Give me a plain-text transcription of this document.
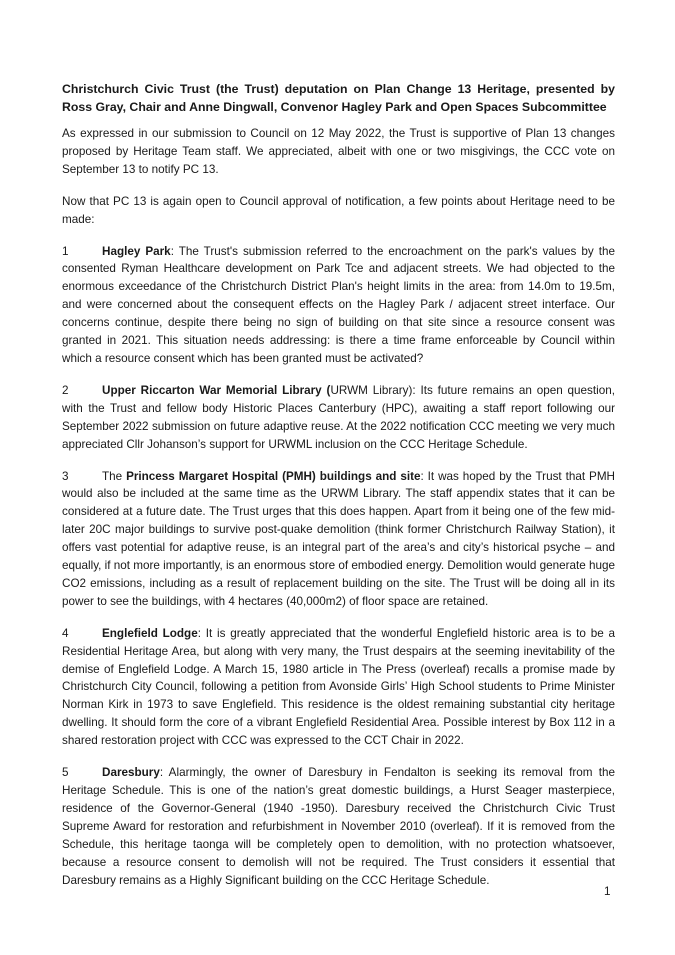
Christchurch Civic Trust (the Trust) deputation on Plan Change 13 Heritage, presented by Ross Gray, Chair and Anne Dingwall, Convenor Hagley Park and Open Spaces Subcommittee

As expressed in our submission to Council on 12 May 2022, the Trust is supportive of Plan 13 changes proposed by Heritage Team staff. We appreciated, albeit with one or two misgivings, the CCC vote on September 13 to notify PC 13.

Now that PC 13 is again open to Council approval of notification, a few points about Heritage need to be made:

1	Hagley Park: The Trust's submission referred to the encroachment on the park's values by the consented Ryman Healthcare development on Park Tce and adjacent streets. We had objected to the enormous exceedance of the Christchurch District Plan's height limits in the area: from 14.0m to 19.5m, and were concerned about the consequent effects on the Hagley Park / adjacent street interface. Our concerns continue, despite there being no sign of building on that site since a resource consent was granted in 2021. This situation needs addressing: is there a time frame enforceable by Council within which a resource consent which has been granted must be activated?

2	Upper Riccarton War Memorial Library (URWM Library): Its future remains an open question, with the Trust and fellow body Historic Places Canterbury (HPC), awaiting a staff report following our September 2022 submission on future adaptive reuse. At the 2022 notification CCC meeting we very much appreciated Cllr Johanson’s support for URWML inclusion on the CCC Heritage Schedule.

3	The Princess Margaret Hospital (PMH) buildings and site: It was hoped by the Trust that PMH would also be included at the same time as the URWM Library. The staff appendix states that it can be considered at a future date. The Trust urges that this does happen. Apart from it being one of the few mid-later 20C major buildings to survive post-quake demolition (think former Christchurch Railway Station), it offers vast potential for adaptive reuse, is an integral part of the area’s and city’s historical psyche – and equally, if not more importantly, is an enormous store of embodied energy. Demolition would generate huge CO2 emissions, including as a result of replacement building on the site. The Trust will be doing all in its power to see the buildings, with 4 hectares (40,000m2) of floor space are retained.

4	Englefield Lodge: It is greatly appreciated that the wonderful Englefield historic area is to be a Residential Heritage Area, but along with very many, the Trust despairs at the seeming inevitability of the demise of Englefield Lodge. A March 15, 1980 article in The Press (overleaf) recalls a promise made by Christchurch City Council, following a petition from Avonside Girls’ High School students to Prime Minister Norman Kirk in 1973 to save Englefield. This residence is the oldest remaining substantial city heritage dwelling. It should form the core of a vibrant Englefield Residential Area. Possible interest by Box 112 in a shared restoration project with CCC was expressed to the CCT Chair in 2022.

5	Daresbury: Alarmingly, the owner of Daresbury in Fendalton is seeking its removal from the Heritage Schedule. This is one of the nation’s great domestic buildings, a Hurst Seager masterpiece, residence of the Governor-General (1940 -1950). Daresbury received the Christchurch Civic Trust Supreme Award for restoration and refurbishment in November 2010 (overleaf). If it is removed from the Schedule, this heritage taonga will be completely open to demolition, with no protection whatsoever, because a resource consent to demolish will not be required. The Trust considers it essential that Daresbury remains as a Highly Significant building on the CCC Heritage Schedule.

1
